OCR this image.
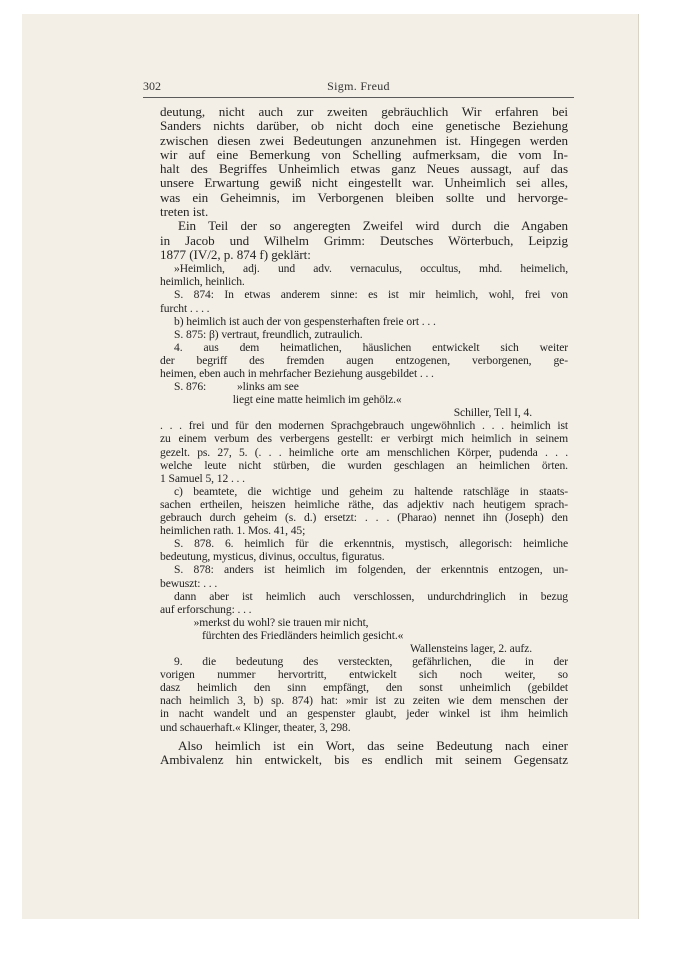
302	Sigm. Freud

deutung, nicht auch zur zweiten gebräuchlich Wir erfahren bei

Sanders nichts darüber, ob nicht doch eine genetische Beziehung

zwischen diesen zwei Bedeutungen anzunehmen ist. Hingegen werden

wir auf eine Bemerkung von Schelling aufmerksam, die vom In-

halt des Begriffes Unheimlich etwas ganz Neues aussagt, auf das

unsere Erwartung gewiß nicht eingestellt war. Unheimlich sei alles,

was ein Geheimnis, im Verborgenen bleiben sollte und hervorge-

treten ist.

Ein Teil der so angeregten Zweifel wird durch die Angaben

in Jacob und Wilhelm Grimm: Deutsches Wörterbuch, Leipzig

1877 (IV/2, p. 874 f) geklärt:

»Heimlich, adj. und adv. vernaculus, occultus, mhd. heimelich,

heimlich, heinlich.

S. 874: In etwas anderem sinne: es ist mir heimlich, wohl, frei von

furcht . . . .

b) heimlich ist auch der von gespensterhaften freie ort . . .

S. 875: β) vertraut, freundlich, zutraulich.

4. aus dem heimatlichen, häuslichen entwickelt sich weiter

der begriff des fremden augen entzogenen, verborgenen, ge-

heimen, eben auch in mehrfacher Beziehung ausgebildet . . .

S. 876:           »links am see

liegt eine matte heimlich im gehölz.«

Schiller, Tell I, 4.

. . . frei und für den modernen Sprachgebrauch ungewöhnlich . . . heimlich ist

zu einem verbum des verbergens gestellt: er verbirgt mich heimlich in seinem

gezelt. ps. 27, 5. (. . . heimliche orte am menschlichen Körper, pudenda . . .

welche leute nicht stürben, die wurden geschlagen an heimlichen örten.

1 Samuel 5, 12 . . .

c) beamtete, die wichtige und geheim zu haltende ratschläge in staats-

sachen ertheilen, heiszen heimliche räthe, das adjektiv nach heutigem sprach-

gebrauch durch geheim (s. d.) ersetzt: . . . (Pharao) nennet ihn (Joseph) den

heimlichen rath. 1. Mos. 41, 45;

S. 878. 6. heimlich für die erkenntnis, mystisch, allegorisch: heimliche

bedeutung, mysticus, divinus, occultus, figuratus.

S. 878: anders ist heimlich im folgenden, der erkenntnis entzogen, un-

bewuszt: . . .

dann aber ist heimlich auch verschlossen, undurchdringlich in bezug

auf erforschung: . . .

»merkst du wohl? sie trauen mir nicht,

fürchten des Friedländers heimlich gesicht.«

Wallensteins lager, 2. aufz.

9. die bedeutung des versteckten, gefährlichen, die in der

vorigen nummer hervortritt, entwickelt sich noch weiter, so

dasz heimlich den sinn empfängt, den sonst unheimlich (gebildet

nach heimlich 3, b) sp. 874) hat: »mir ist zu zeiten wie dem menschen der

in nacht wandelt und an gespenster glaubt, jeder winkel ist ihm heimlich

und schauerhaft.« Klinger, theater, 3, 298.

Also heimlich ist ein Wort, das seine Bedeutung nach einer

Ambivalenz hin entwickelt, bis es endlich mit seinem Gegensatz
